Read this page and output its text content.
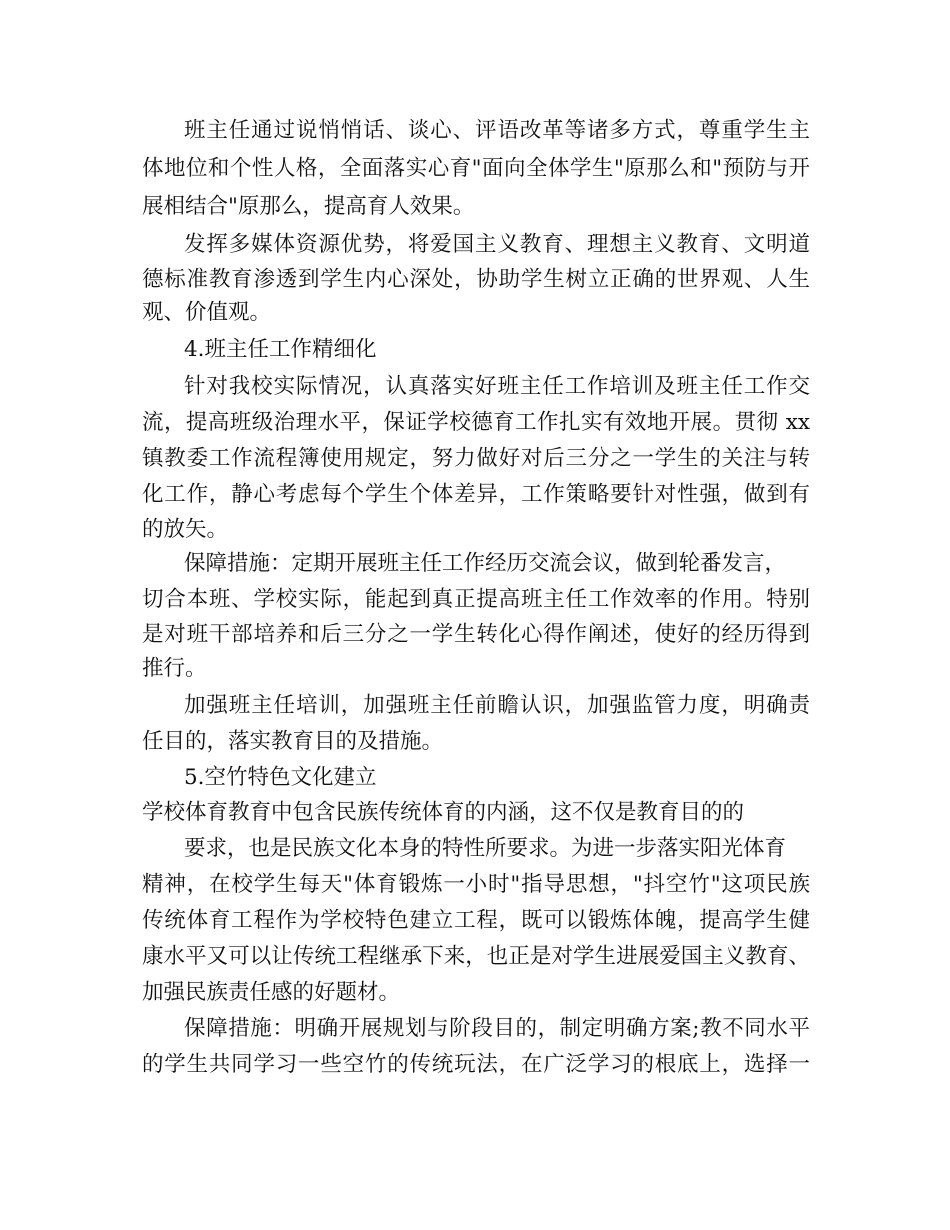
班主任通过说悄悄话、谈心、评语改革等诸多方式，尊重学生主
体地位和个性人格，全面落实心育"面向全体学生"原那么和"预防与开
展相结合"原那么，提高育人效果。
发挥多媒体资源优势，将爱国主义教育、理想主义教育、文明道
德标准教育渗透到学生内心深处，协助学生树立正确的世界观、人生
观、价值观。
4.班主任工作精细化
针对我校实际情况，认真落实好班主任工作培训及班主任工作交
流，提高班级治理水平，保证学校德育工作扎实有效地开展。贯彻 xx
镇教委工作流程簿使用规定，努力做好对后三分之一学生的关注与转
化工作，静心考虑每个学生个体差异，工作策略要针对性强，做到有
的放矢。
保障措施：定期开展班主任工作经历交流会议，做到轮番发言，
切合本班、学校实际，能起到真正提高班主任工作效率的作用。特别
是对班干部培养和后三分之一学生转化心得作阐述，使好的经历得到
推行。
加强班主任培训，加强班主任前瞻认识，加强监管力度，明确责
任目的，落实教育目的及措施。
5.空竹特色文化建立
学校体育教育中包含民族传统体育的内涵，这不仅是教育目的的
要求，也是民族文化本身的特性所要求。为进一步落实阳光体育
精神，在校学生每天"体育锻炼一小时"指导思想，"抖空竹"这项民族
传统体育工程作为学校特色建立工程，既可以锻炼体魄，提高学生健
康水平又可以让传统工程继承下来，也正是对学生进展爱国主义教育、
加强民族责任感的好题材。
保障措施：明确开展规划与阶段目的，制定明确方案;教不同水平
的学生共同学习一些空竹的传统玩法，在广泛学习的根底上，选择一
